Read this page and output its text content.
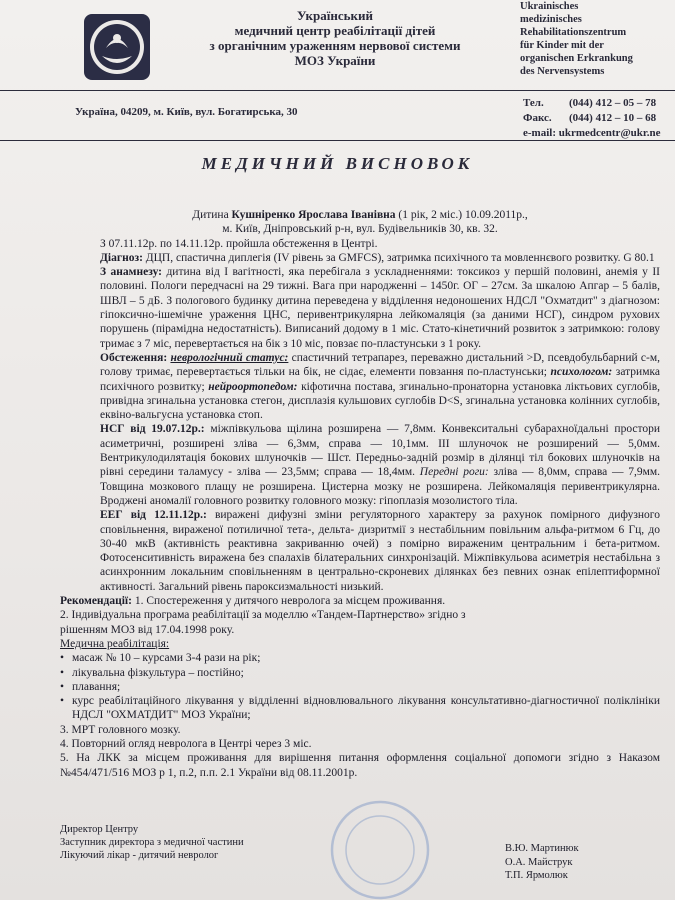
Український
медичний центр реабілітації дітей
з органічним ураженням нервової системи
МОЗ України
Ukrainisches
medizinisches
Rehabilitationszentrum
für Kinder mit der
organischen Erkrankung
des Nervensystems
Україна, 04209, м. Київ, вул. Богатирська, 30
Тел. (044) 412 – 05 – 78
Факс. (044) 412 – 10 – 68
e-mail: ukrmedcentr@ukr.ne
МЕДИЧНИЙ ВИСНОВОК

Дитина Кушніренко Ярослава Іванівна (1 рік, 2 міс.) 10.09.2011р.,

м. Київ, Дніпровський р-н, вул. Будівельників 30, кв. 32.

З 07.11.12р. по 14.11.12р. пройшла обстеження в Центрі.

Діагноз: ДЦП, спастична диплегія (IV рівень за GMFCS), затримка психічного та мовленнєвого розвитку. G 80.1

З анамнезу: дитина від І вагітності, яка перебігала з ускладненнями: токсикоз у першій половині, анемія у ІІ половині. Пологи передчасні на 29 тижні. Вага при народженні – 1450г. ОГ – 27см. За шкалою Апгар – 5 балів, ШВЛ – 5 дБ. З пологового будинку дитина переведена у відділення недоношених НДСЛ "Охматдит" з діагнозом: гіпоксично-ішемічне ураження ЦНС, перивентрикулярна лейкомаляція (за даними НСГ), синдром рухових порушень (пірамідна недостатність). Виписаний додому в 1 міс. Стато-кінетичний розвиток з затримкою: голову тримає з 7 міс, перевертається на бік з 10 міс, повзає по-пластунськи з 1 року.

Обстеження: неврологічний статус: спастичний тетрапарез, переважно дистальний >D, псевдобульбарний с-м, голову тримає, перевертається тільки на бік, не сідає, елементи повзання по-пластунськи; психологом: затримка психічного розвитку; нейроортопедом: кіфотична постава, згинально-пронаторна установка ліктьових суглобів, привідна згинальна установка стегон, дисплазія кульшових суглобів D<S, згинальна установка колінних суглобів, еквіно-вальгусна установка стоп.

НСГ від 19.07.12р.: міжпівкульова щілина розширена — 7,8мм. Конвекситальні субарахноїдальні простори асиметричні, розширені зліва — 6,3мм, справа — 10,1мм. ІІІ шлуночок не розширений — 5,0мм. Вентрикулодилятація бокових шлуночків — Шст. Передньо-задній розмір в ділянці тіл бокових шлуночків на рівні середини таламусу - зліва — 23,5мм; справа — 18,4мм. Передні роги: зліва — 8,0мм, справа — 7,9мм. Товщина мозкового плащу не розширена. Цистерна мозку не розширена. Лейкомаляція перивентрикулярна. Вроджені аномалії головного розвитку головного мозку: гіпоплазія мозолистого тіла.

ЕЕГ від 12.11.12р.: виражені дифузні зміни регуляторного характеру за рахунок помірного дифузного сповільнення, вираженої потиличної тета-, дельта- дизритмії з нестабільним повільним альфа-ритмом 6 Гц, до 30-40 мкВ (активність реактивна закриванню очей) з помірно вираженим центральним і бета-ритмом. Фотосенситивність виражена без спалахів білатеральних синхронізацій. Міжпівкульова асиметрія нестабільна з асинхронним локальним сповільненням в центрально-скроневих ділянках без певних ознак епілептиформної активності. Загальний рівень пароксизмальності низький.

Рекомендації: 1. Спостереження у дитячого невролога за місцем проживання.

2. Індивідуальна програма реабілітації за моделлю «Тандем-Партнерство» згідно з

рішенням МОЗ від 17.04.1998 року.

Медична реабілітація:

• масаж № 10 – курсами 3-4 рази на рік;

• лікувальна фізкультура – постійно;

• плавання;

• курс реабілітаційного лікування у відділенні відновлювального лікування консультативно-діагностичної поліклініки НДСЛ "ОХМАТДИТ" МОЗ України;

3. МРТ головного мозку.

4. Повторний огляд невролога в Центрі через 3 міс.

5. На ЛКК за місцем проживання для вирішення питання оформлення соціальної допомоги згідно з Наказом №454/471/516 МОЗ р 1, п.2, п.п. 2.1 України від 08.11.2001р.

Директор Центру
Заступник директора з медичної частини
Лікуючий лікар - дитячий невролог
В.Ю. Мартинюк
О.А. Майструк
Т.П. Ярмолюк
